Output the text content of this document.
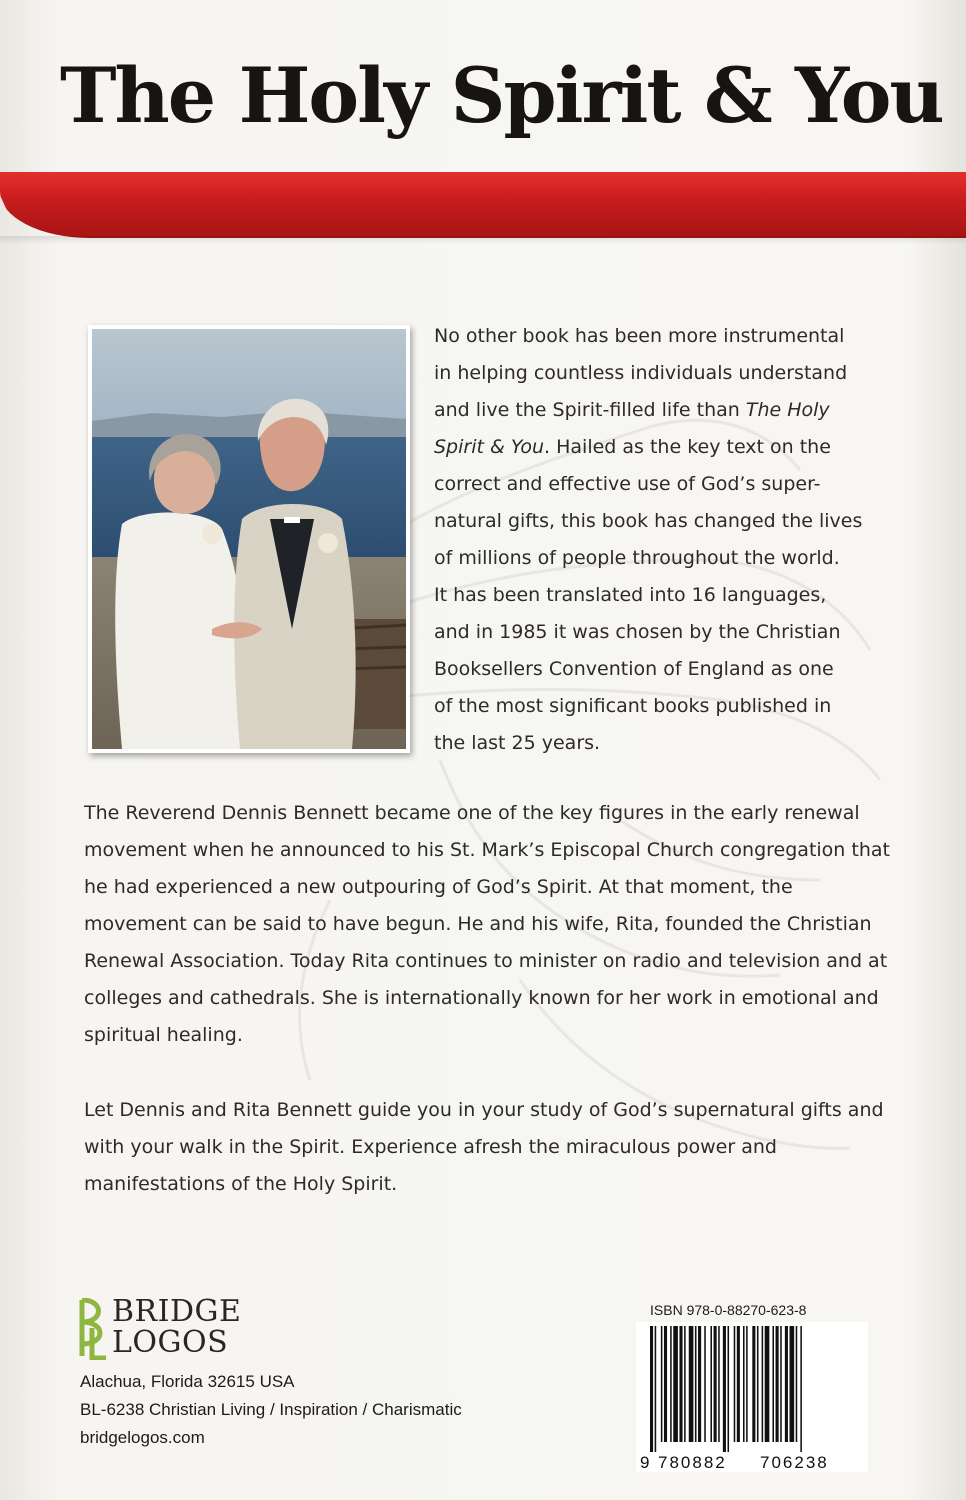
The Holy Spirit & You
No other book has been more instrumental
in helping countless individuals understand
and live the Spirit-filled life than The Holy
Spirit & You. Hailed as the key text on the
correct and effective use of God’s super-
natural gifts, this book has changed the lives
of millions of people throughout the world.
It has been translated into 16 languages,
and in 1985 it was chosen by the Christian
Booksellers Convention of England as one
of the most significant books published in
the last 25 years.

The Reverend Dennis Bennett became one of the key figures in the early renewal movement when he announced to his St. Mark’s Episcopal Church congregation that he had experienced a new outpouring of God’s Spirit. At that moment, the movement can be said to have begun. He and his wife, Rita, founded the Christian Renewal Association. Today Rita continues to minister on radio and television and at colleges and cathedrals. She is internationally known for her work in emotional and spiritual healing.

Let Dennis and Rita Bennett guide you in your study of God’s supernatural gifts and with your walk in the Spirit. Experience afresh the miraculous power and manifestations of the Holy Spirit.

BRIDGE
LOGOS
Alachua, Florida 32615 USA
BL-6238 Christian Living / Inspiration / Charismatic
bridgelogos.com
ISBN 978-0-88270-623-8
9 780882 706238
